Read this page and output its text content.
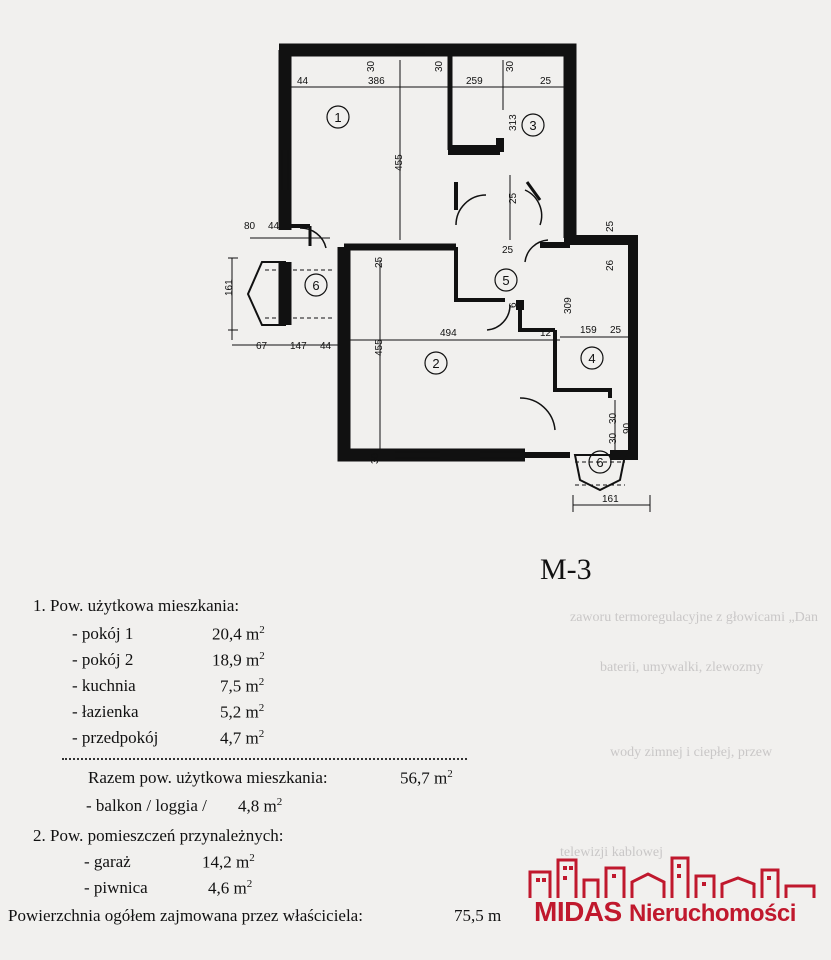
zaworu termoregulacyjne z głowicami „Dan
baterii, umywalki, zlewozmy
wody zimnej i ciepłej, przew
telewizji kablowej
1
2
3
4
5
6
6
30
44	386
30
259
30
25
313
455
25
80 44
25
25
161
25
26
6	309
67 147 44
494	12	159 25
455
30
30
90
161
30
M-3
1. Pow. użytkowa mieszkania:
- pokój 1	20,4 $m^2$
- pokój 2	18,9 $m^2$
- kuchnia	7,5 $m^2$
- łazienka	5,2 $m^2$
- przedpokój	4,7 $m^2$
Razem pow. użytkowa mieszkania:	56,7 $m^2$
- balkon / loggia / 4,8 $m^2$
2. Pow. pomieszczeń przynależnych:
- garaż	14,2 $m^2$
- piwnica	4,6 $m^2$
Powierzchnia ogółem zajmowana przez właściciela:	75,5 m MIDAS Nieruchomości
